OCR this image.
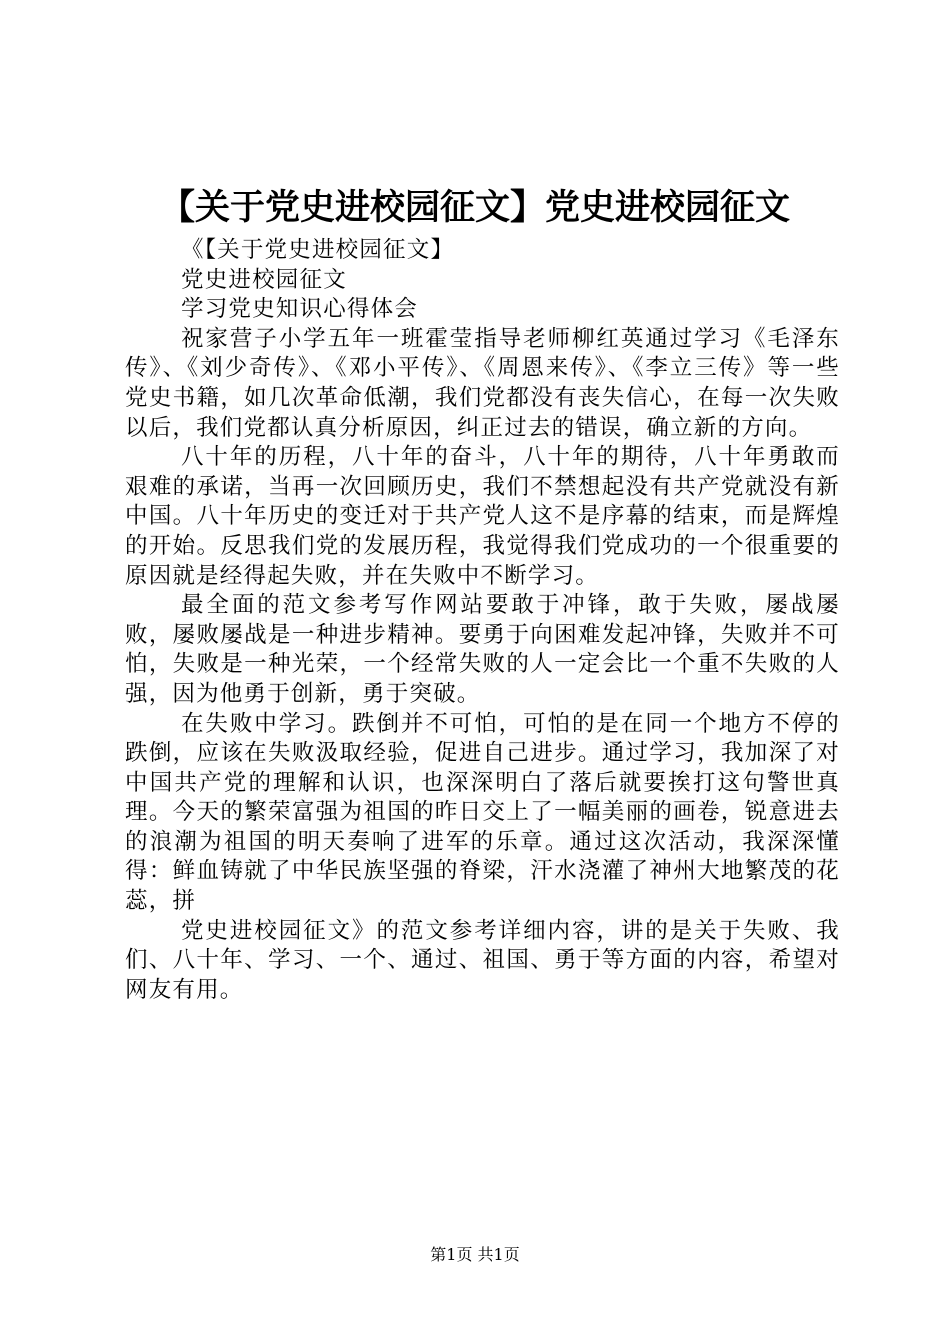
【关于党史进校园征文】党史进校园征文

《【关于党史进校园征文】

党史进校园征文

学习党史知识心得体会

祝家营子小学五年一班霍莹指导老师柳红英通过学习《毛泽东传》、《刘少奇传》、《邓小平传》、《周恩来传》、《李立三传》等一些党史书籍，如几次革命低潮，我们党都没有丧失信心，在每一次失败以后，我们党都认真分析原因，纠正过去的错误，确立新的方向。

八十年的历程，八十年的奋斗，八十年的期待，八十年勇敢而艰难的承诺，当再一次回顾历史，我们不禁想起没有共产党就没有新中国。八十年历史的变迁对于共产党人这不是序幕的结束，而是辉煌的开始。反思我们党的发展历程，我觉得我们党成功的一个很重要的原因就是经得起失败，并在失败中不断学习。

最全面的范文参考写作网站要敢于冲锋，敢于失败，屡战屡败，屡败屡战是一种进步精神。要勇于向困难发起冲锋，失败并不可怕，失败是一种光荣，一个经常失败的人一定会比一个重不失败的人强，因为他勇于创新，勇于突破。

在失败中学习。跌倒并不可怕，可怕的是在同一个地方不停的跌倒，应该在失败汲取经验，促进自己进步。通过学习，我加深了对中国共产党的理解和认识，也深深明白了落后就要挨打这句警世真理。今天的繁荣富强为祖国的昨日交上了一幅美丽的画卷，锐意进去的浪潮为祖国的明天奏响了进军的乐章。通过这次活动，我深深懂得：鲜血铸就了中华民族坚强的脊梁，汗水浇灌了神州大地繁茂的花蕊，拼

党史进校园征文》的范文参考详细内容，讲的是关于失败、我们、八十年、学习、一个、通过、祖国、勇于等方面的内容，希望对网友有用。

第1页 共1页
